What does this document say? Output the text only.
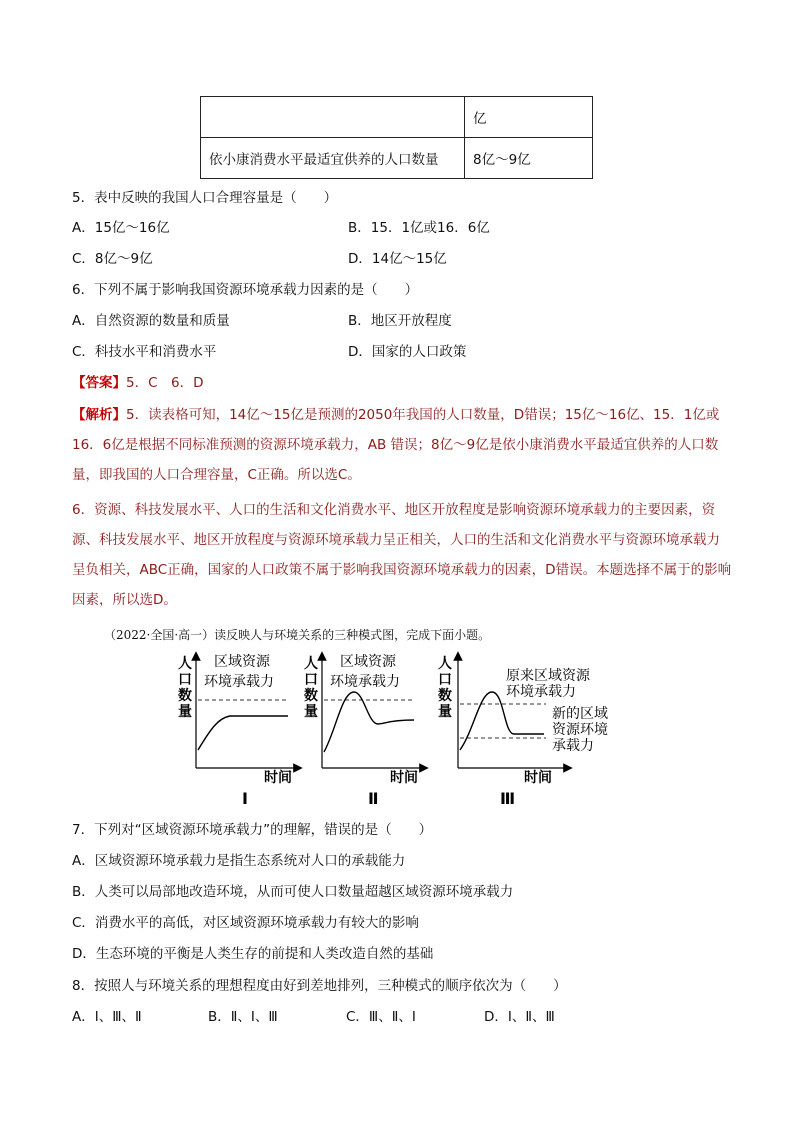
	亿
依小康消费水平最适宜供养的人口数量	8亿～9亿
5．表中反映的我国人口合理容量是（　　）
A．15亿～16亿	B．15．1亿或16．6亿
C．8亿～9亿	D．14亿～15亿
6．下列不属于影响我国资源环境承载力因素的是（　　）
A．自然资源的数量和质量	B．地区开放程度
C．科技水平和消费水平	D．国家的人口政策
【答案】5．C　6．D
【解析】5．读表格可知，14亿～15亿是预测的2050年我国的人口数量，D错误；15亿～16亿、15．1亿或16．6亿是根据不同标准预测的资源环境承载力，AB 错误；8亿～9亿是依小康消费水平最适宜供养的人口数量，即我国的人口合理容量，C正确。所以选C。
6．资源、科技发展水平、人口的生活和文化消费水平、地区开放程度是影响资源环境承载力的主要因素，资源、科技发展水平、地区开放程度与资源环境承载力呈正相关，人口的生活和文化消费水平与资源环境承载力呈负相关，ABC正确，国家的人口政策不属于影响我国资源环境承载力的因素，D错误。本题选择不属于的影响因素，所以选D。
（2022·全国·高一）读反映人与环境关系的三种模式图，完成下面小题。
人口数量
区域资源
环境承载力
时间
Ⅰ
人口数量
区域资源
环境承载力
时间
Ⅱ
人口数量
原来区域资源
环境承载力
新的区域
资源环境
承载力
时间
Ⅲ
7．下列对“区域资源环境承载力”的理解，错误的是（　　）
A．区域资源环境承载力是指生态系统对人口的承载能力
B．人类可以局部地改造环境，从而可使人口数量超越区域资源环境承载力
C．消费水平的高低，对区域资源环境承载力有较大的影响
D．生态环境的平衡是人类生存的前提和人类改造自然的基础
8．按照人与环境关系的理想程度由好到差地排列，三种模式的顺序依次为（　　）
A．Ⅰ、Ⅲ、Ⅱ	B．Ⅱ、Ⅰ、Ⅲ	C．Ⅲ、Ⅱ、Ⅰ	D．Ⅰ、Ⅱ、Ⅲ
